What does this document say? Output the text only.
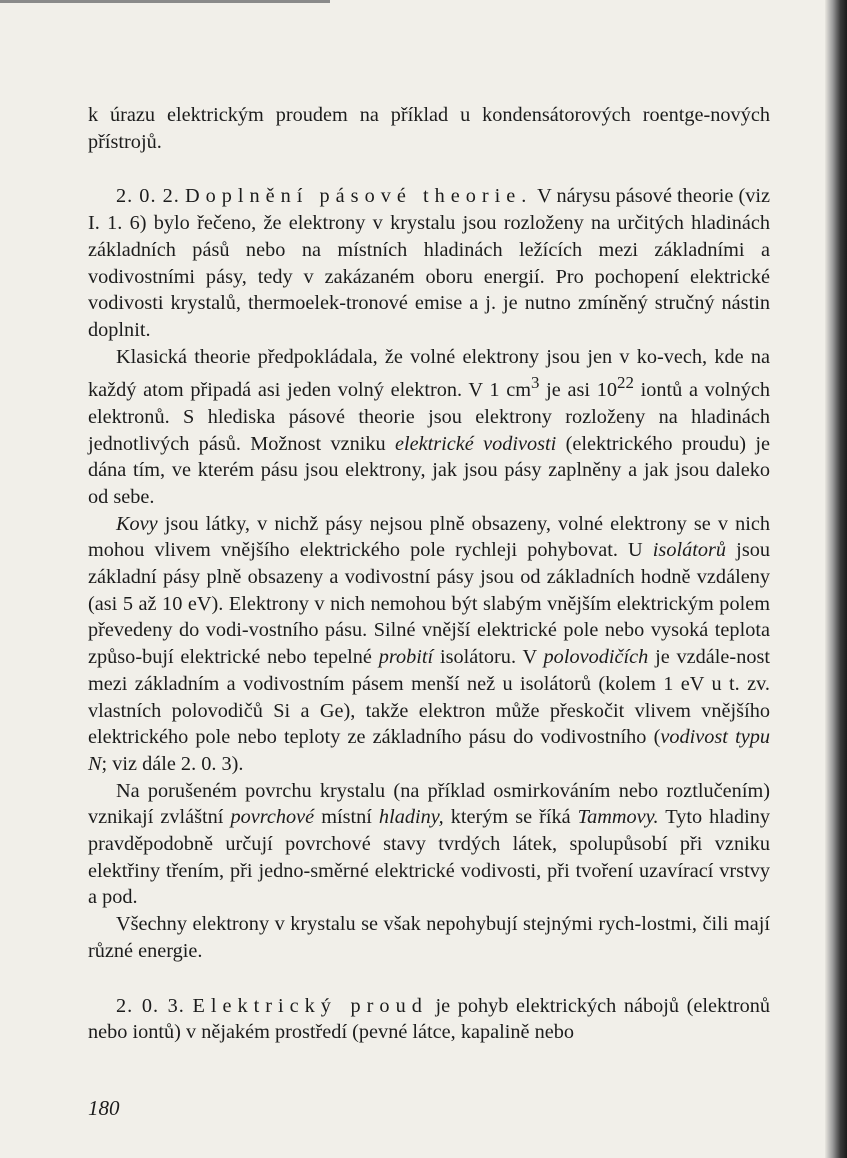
k úrazu elektrickým proudem na příklad u kondensátorových roentge-nových přístrojů.

2. 0. 2. Doplnění pásové theorie. V nárysu pásové theorie (viz I. 1. 6) bylo řečeno, že elektrony v krystalu jsou rozloženy na určitých hladinách základních pásů nebo na místních hladinách ležících mezi základními a vodivostními pásy, tedy v zakázaném oboru energií. Pro pochopení elektrické vodivosti krystalů, thermoelek-tronové emise a j. je nutno zmíněný stručný nástin doplnit.

Klasická theorie předpokládala, že volné elektrony jsou jen v ko-vech, kde na každý atom připadá asi jeden volný elektron. V 1 $cm^3$ je asi $10^{22}$ iontů a volných elektronů. S hlediska pásové theorie jsou elektrony rozloženy na hladinách jednotlivých pásů. Možnost vzniku elektrické vodivosti (elektrického proudu) je dána tím, ve kterém pásu jsou elektrony, jak jsou pásy zaplněny a jak jsou daleko od sebe.

Kovy jsou látky, v nichž pásy nejsou plně obsazeny, volné elektrony se v nich mohou vlivem vnějšího elektrického pole rychleji pohybovat. U isolátorů jsou základní pásy plně obsazeny a vodivostní pásy jsou od základních hodně vzdáleny (asi 5 až 10 eV). Elektrony v nich nemohou být slabým vnějším elektrickým polem převedeny do vodi-vostního pásu. Silné vnější elektrické pole nebo vysoká teplota způso-bují elektrické nebo tepelné probití isolátoru. V polovodičích je vzdále-nost mezi základním a vodivostním pásem menší než u isolátorů (kolem 1 eV u t. zv. vlastních polovodičů Si a Ge), takže elektron může přeskočit vlivem vnějšího elektrického pole nebo teploty ze základního pásu do vodivostního (vodivost typu N; viz dále 2. 0. 3).

Na porušeném povrchu krystalu (na příklad osmirkováním nebo roztlučením) vznikají zvláštní povrchové místní hladiny, kterým se říká Tammovy. Tyto hladiny pravděpodobně určují povrchové stavy tvrdých látek, spolupůsobí při vzniku elektřiny třením, při jedno-směrné elektrické vodivosti, při tvoření uzavírací vrstvy a pod.

Všechny elektrony v krystalu se však nepohybují stejnými rych-lostmi, čili mají různé energie.

2. 0. 3. Elektrický proud je pohyb elektrických nábojů (elektronů nebo iontů) v nějakém prostředí (pevné látce, kapalině nebo

180
